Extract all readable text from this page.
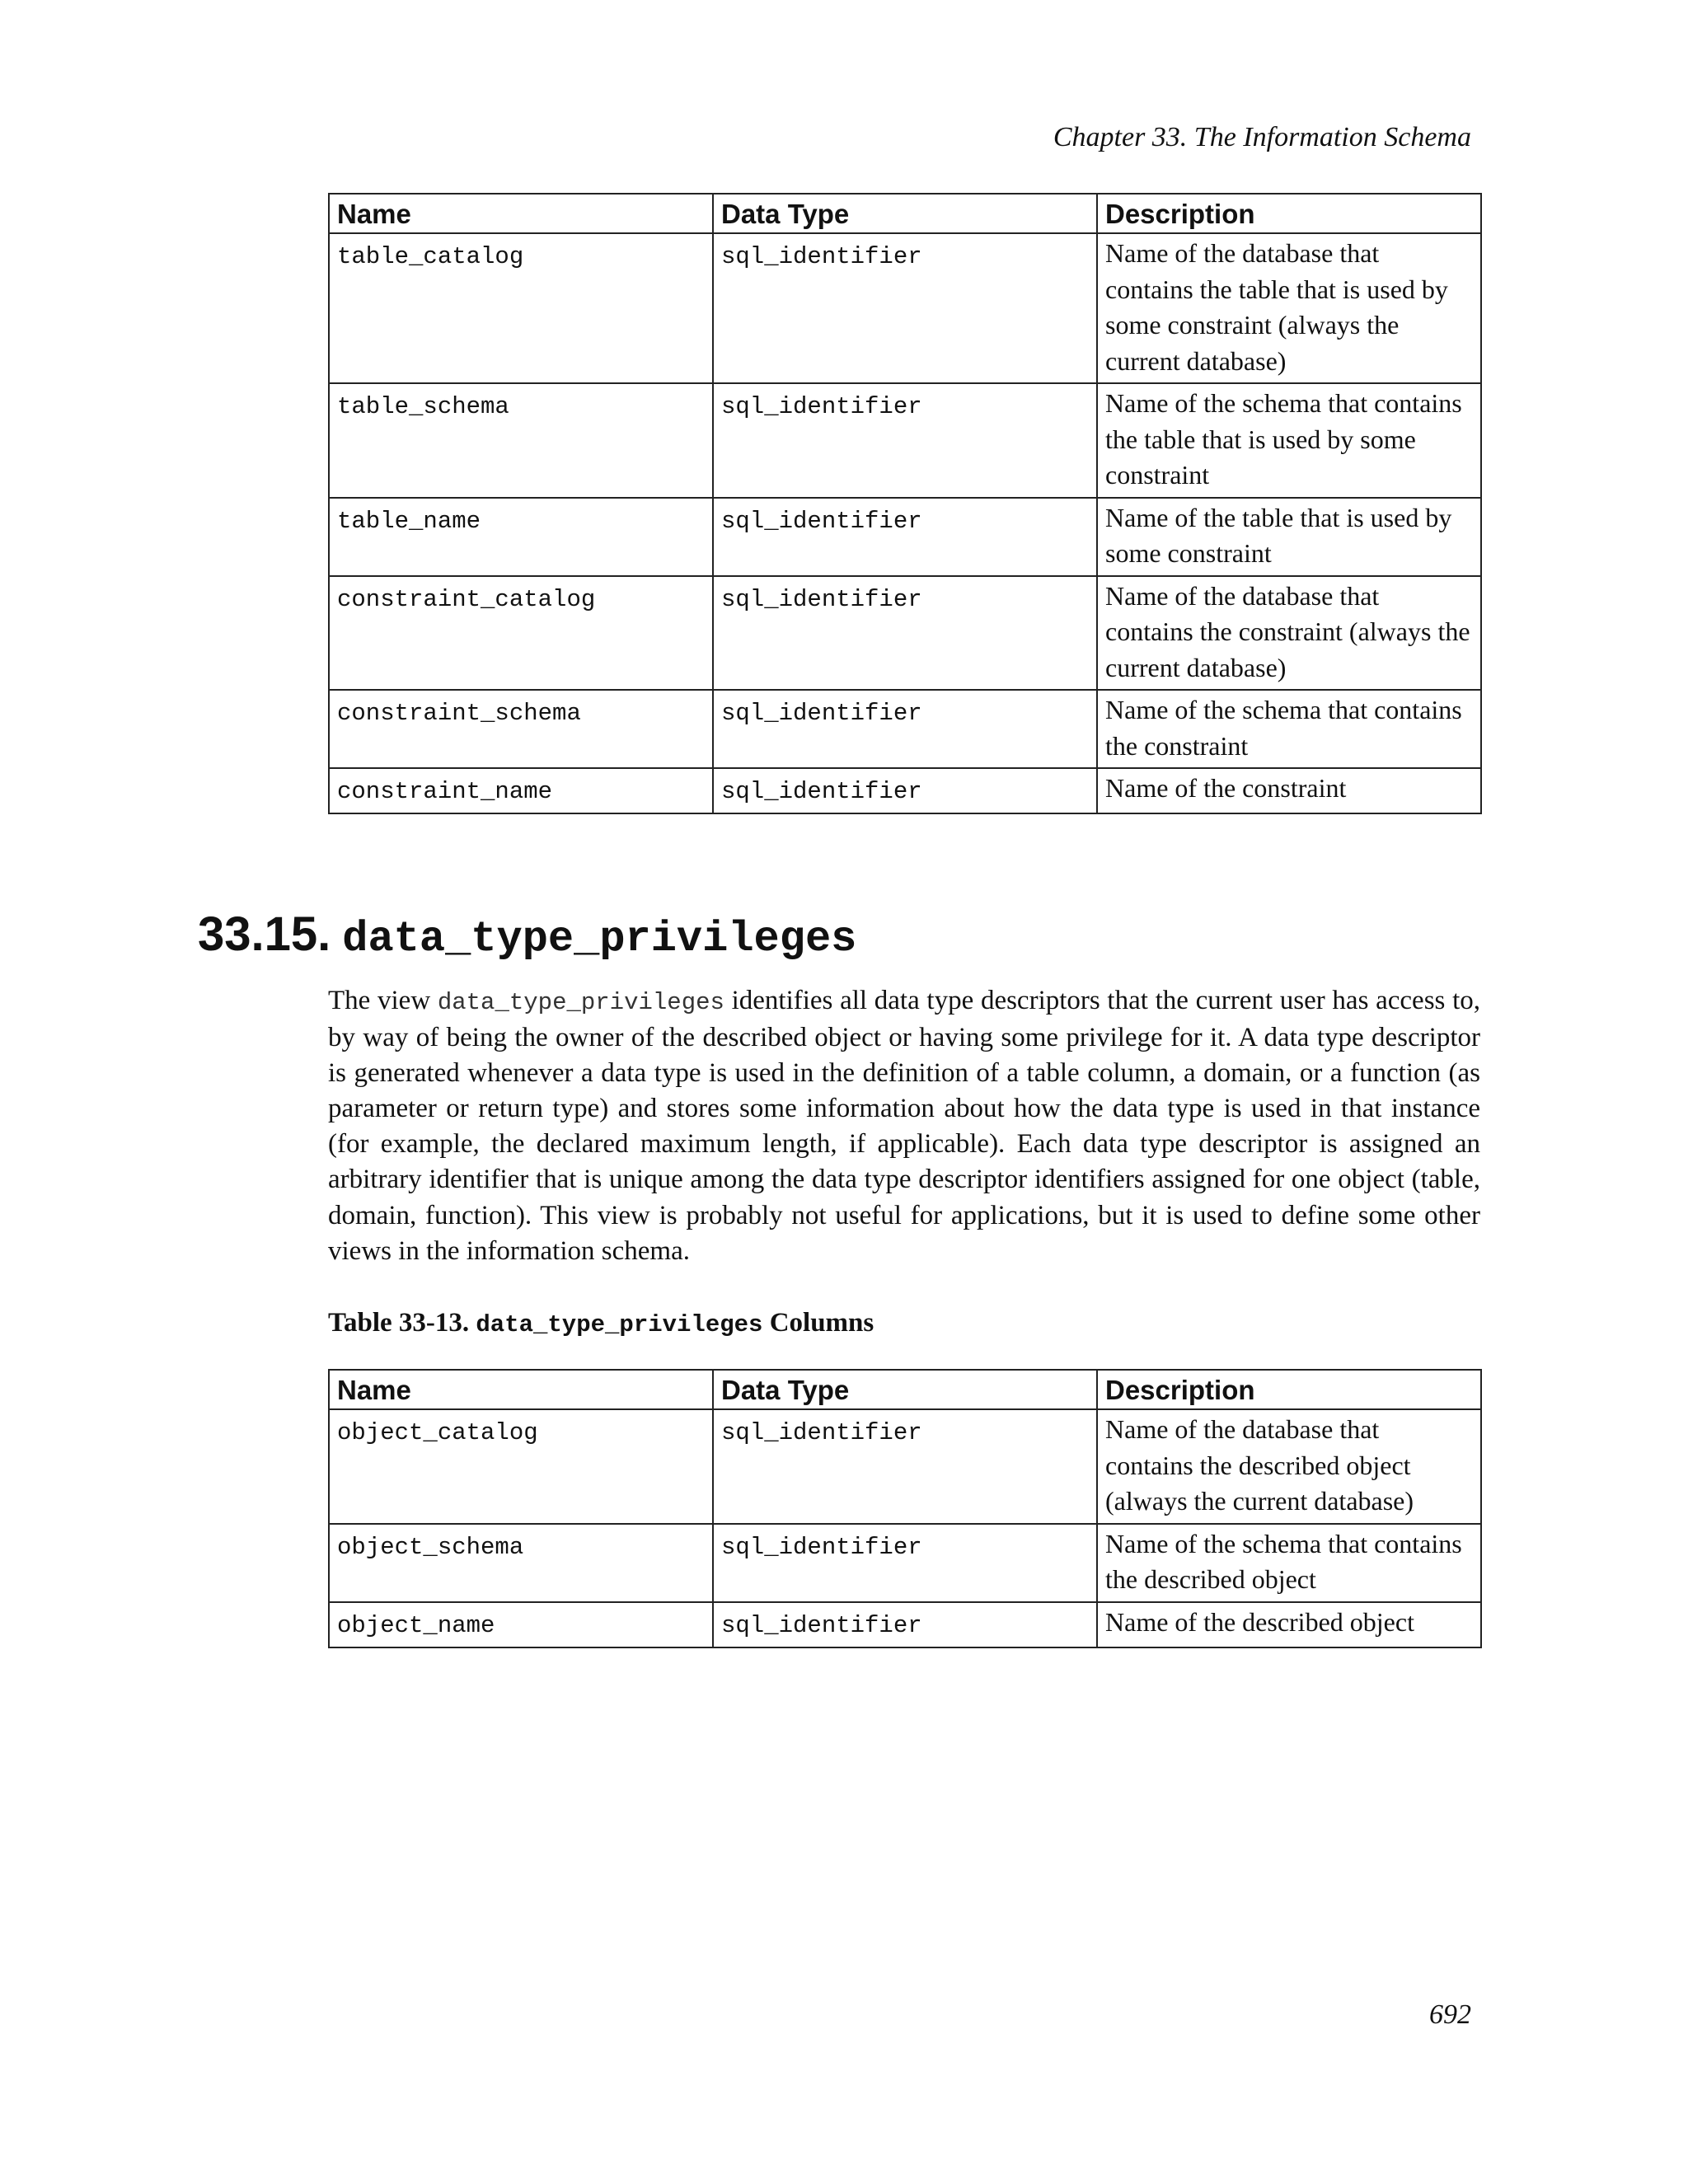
Chapter 33. The Information Schema
Name	Data Type	Description
table_catalog	sql_identifier	Name of the database that contains the table that is used by some constraint (always the current database)
table_schema	sql_identifier	Name of the schema that contains the table that is used by some constraint
table_name	sql_identifier	Name of the table that is used by some constraint
constraint_catalog	sql_identifier	Name of the database that contains the constraint (always the current database)
constraint_schema	sql_identifier	Name of the schema that contains the constraint
constraint_name	sql_identifier	Name of the constraint
33.15. data_type_privileges

The view data_type_privileges identifies all data type descriptors that the current user has access to, by way of being the owner of the described object or having some privilege for it. A data type descriptor is generated whenever a data type is used in the definition of a table column, a domain, or a function (as parameter or return type) and stores some information about how the data type is used in that instance (for example, the declared maximum length, if applicable). Each data type descriptor is assigned an arbitrary identifier that is unique among the data type descriptor identifiers assigned for one object (table, domain, function). This view is probably not useful for applications, but it is used to define some other views in the information schema.

Table 33-13. data_type_privileges Columns
Name	Data Type	Description
object_catalog	sql_identifier	Name of the database that contains the described object (always the current database)
object_schema	sql_identifier	Name of the schema that contains the described object
object_name	sql_identifier	Name of the described object
692
